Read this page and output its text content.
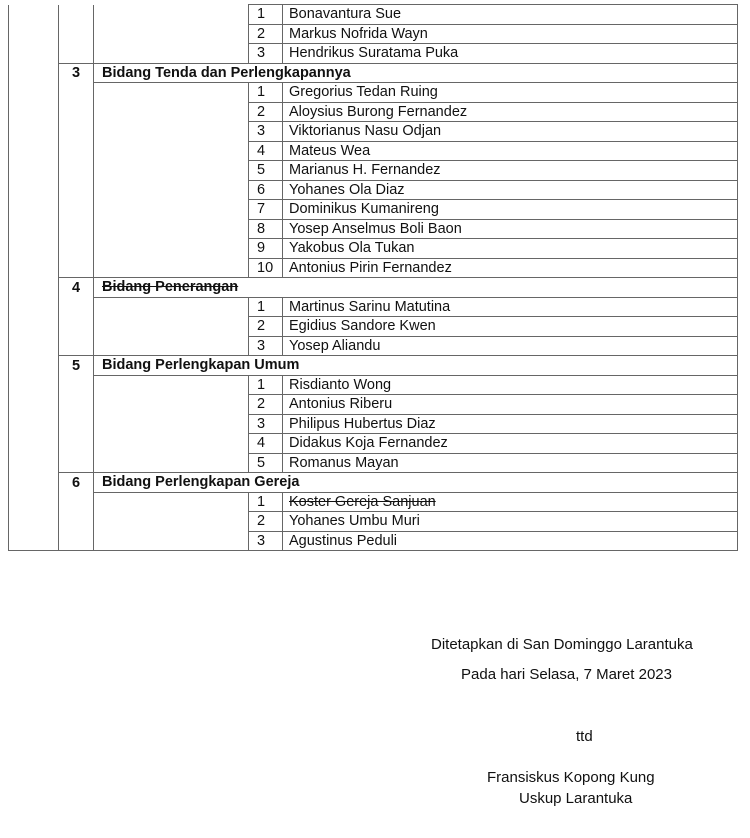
			1	Bonavantura Sue
			2	Markus Nofrida Wayn
			3	Hendrikus Suratama Puka
	3	Bidang Tenda dan Perlengkapannya		
			1	Gregorius Tedan Ruing
			2	Aloysius Burong Fernandez
			3	Viktorianus Nasu Odjan
			4	Mateus Wea
			5	Marianus H. Fernandez
			6	Yohanes Ola Diaz
			7	Dominikus Kumanireng
			8	Yosep Anselmus Boli Baon
			9	Yakobus Ola Tukan
			10	Antonius Pirin Fernandez
	4	Bidang Penerangan		
			1	Martinus Sarinu Matutina
			2	Egidius Sandore Kwen
			3	Yosep Aliandu
	5	Bidang Perlengkapan Umum		
			1	Risdianto Wong
			2	Antonius Riberu
			3	Philipus Hubertus Diaz
			4	Didakus Koja Fernandez
			5	Romanus Mayan
	6	Bidang Perlengkapan Gereja		
			1	Koster Gereja Sanjuan
			2	Yohanes Umbu Muri
			3	Agustinus Peduli
Ditetapkan di San Dominggo Larantuka
Pada hari Selasa, 7 Maret 2023
ttd
Fransiskus Kopong Kung
Uskup Larantuka
